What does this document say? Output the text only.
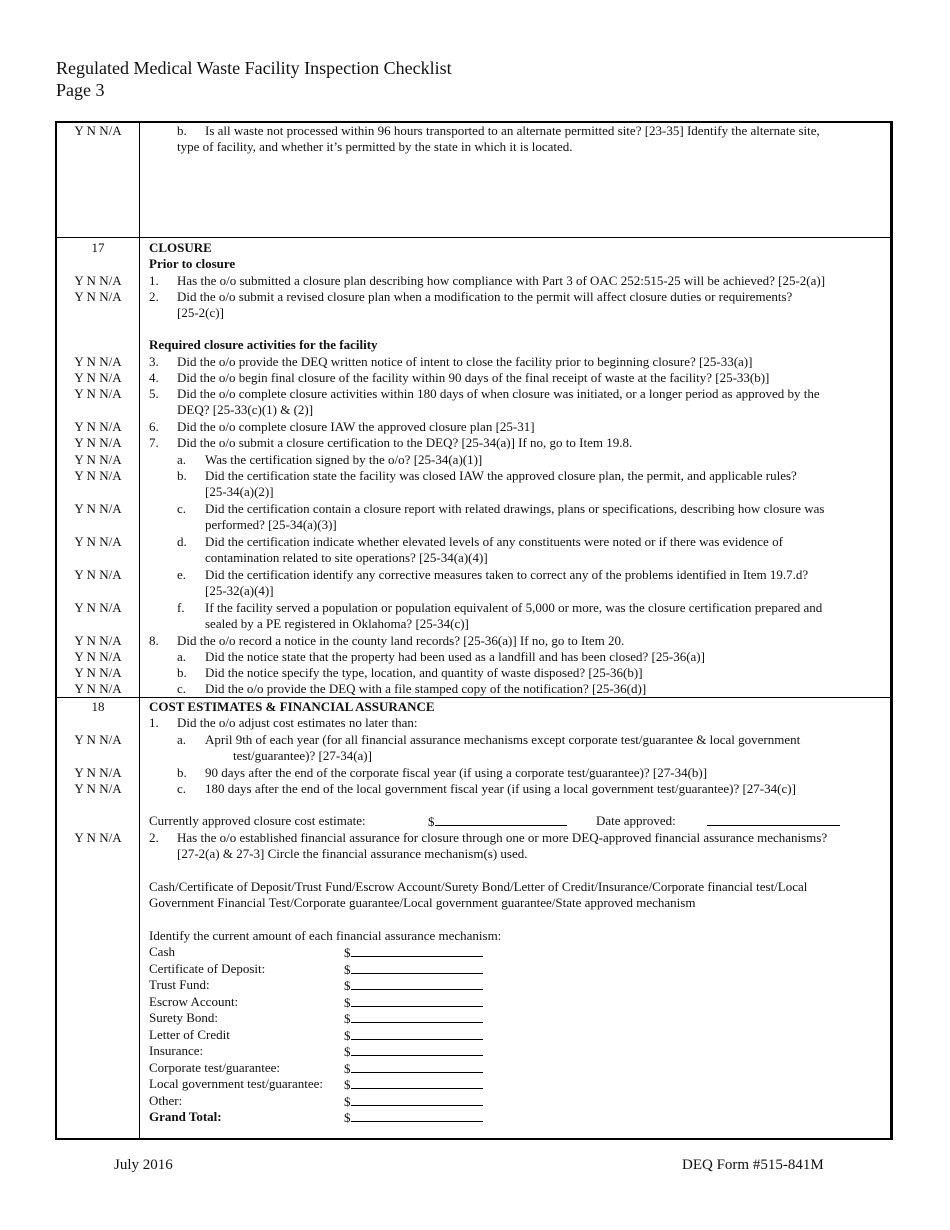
Regulated Medical Waste Facility Inspection Checklist
Page 3
Y N N/A	b. Is all waste not processed within 96 hours transported to an alternate permitted site? [23-35] Identify the alternate site,
type of facility, and whether it’s permitted by the state in which it is located.
17	CLOSURE
Prior to closure
Y N N/A	1. Has the o/o submitted a closure plan describing how compliance with Part 3 of OAC 252:515-25 will be achieved? [25-2(a)]
Y N N/A	2. Did the o/o submit a revised closure plan when a modification to the permit will affect closure duties or requirements?
[25-2(c)]
Required closure activities for the facility
Y N N/A	3. Did the o/o provide the DEQ written notice of intent to close the facility prior to beginning closure? [25-33(a)]
Y N N/A	4. Did the o/o begin final closure of the facility within 90 days of the final receipt of waste at the facility? [25-33(b)]
Y N N/A	5. Did the o/o complete closure activities within 180 days of when closure was initiated, or a longer period as approved by the
DEQ? [25-33(c)(1) & (2)]
Y N N/A	6. Did the o/o complete closure IAW the approved closure plan [25-31]
Y N N/A	7. Did the o/o submit a closure certification to the DEQ? [25-34(a)] If no, go to Item 19.8.
Y N N/A	a. Was the certification signed by the o/o? [25-34(a)(1)]
Y N N/A	b. Did the certification state the facility was closed IAW the approved closure plan, the permit, and applicable rules?
[25-34(a)(2)]
Y N N/A	c. Did the certification contain a closure report with related drawings, plans or specifications, describing how closure was
performed? [25-34(a)(3)]
Y N N/A	d. Did the certification indicate whether elevated levels of any constituents were noted or if there was evidence of
contamination related to site operations? [25-34(a)(4)]
Y N N/A	e. Did the certification identify any corrective measures taken to correct any of the problems identified in Item 19.7.d?
[25-32(a)(4)]
Y N N/A	f. If the facility served a population or population equivalent of 5,000 or more, was the closure certification prepared and
sealed by a PE registered in Oklahoma? [25-34(c)]
Y N N/A	8. Did the o/o record a notice in the county land records? [25-36(a)] If no, go to Item 20.
Y N N/A	a. Did the notice state that the property had been used as a landfill and has been closed? [25-36(a)]
Y N N/A	b. Did the notice specify the type, location, and quantity of waste disposed? [25-36(b)]
Y N N/A	c. Did the o/o provide the DEQ with a file stamped copy of the notification? [25-36(d)]
18	COST ESTIMATES & FINANCIAL ASSURANCE
1. Did the o/o adjust cost estimates no later than:
Y N N/A	a. April 9th of each year (for all financial assurance mechanisms except corporate test/guarantee & local government
test/guarantee)? [27-34(a)]
Y N N/A	b. 90 days after the end of the corporate fiscal year (if using a corporate test/guarantee)? [27-34(b)]
Y N N/A	c. 180 days after the end of the local government fiscal year (if using a local government test/guarantee)? [27-34(c)]
Currently approved closure cost estimate:	$	Date approved:
Y N N/A	2. Has the o/o established financial assurance for closure through one or more DEQ-approved financial assurance mechanisms?
[27-2(a) & 27-3] Circle the financial assurance mechanism(s) used.
Cash/Certificate of Deposit/Trust Fund/Escrow Account/Surety Bond/Letter of Credit/Insurance/Corporate financial test/Local
Government Financial Test/Corporate guarantee/Local government guarantee/State approved mechanism
Identify the current amount of each financial assurance mechanism:
Cash	$
Certificate of Deposit:	$
Trust Fund:	$
Escrow Account:	$
Surety Bond:	$
Letter of Credit	$
Insurance:	$
Corporate test/guarantee:	$
Local government test/guarantee: $
Other:	$
Grand Total:	$
July 2016	DEQ Form #515-841M
